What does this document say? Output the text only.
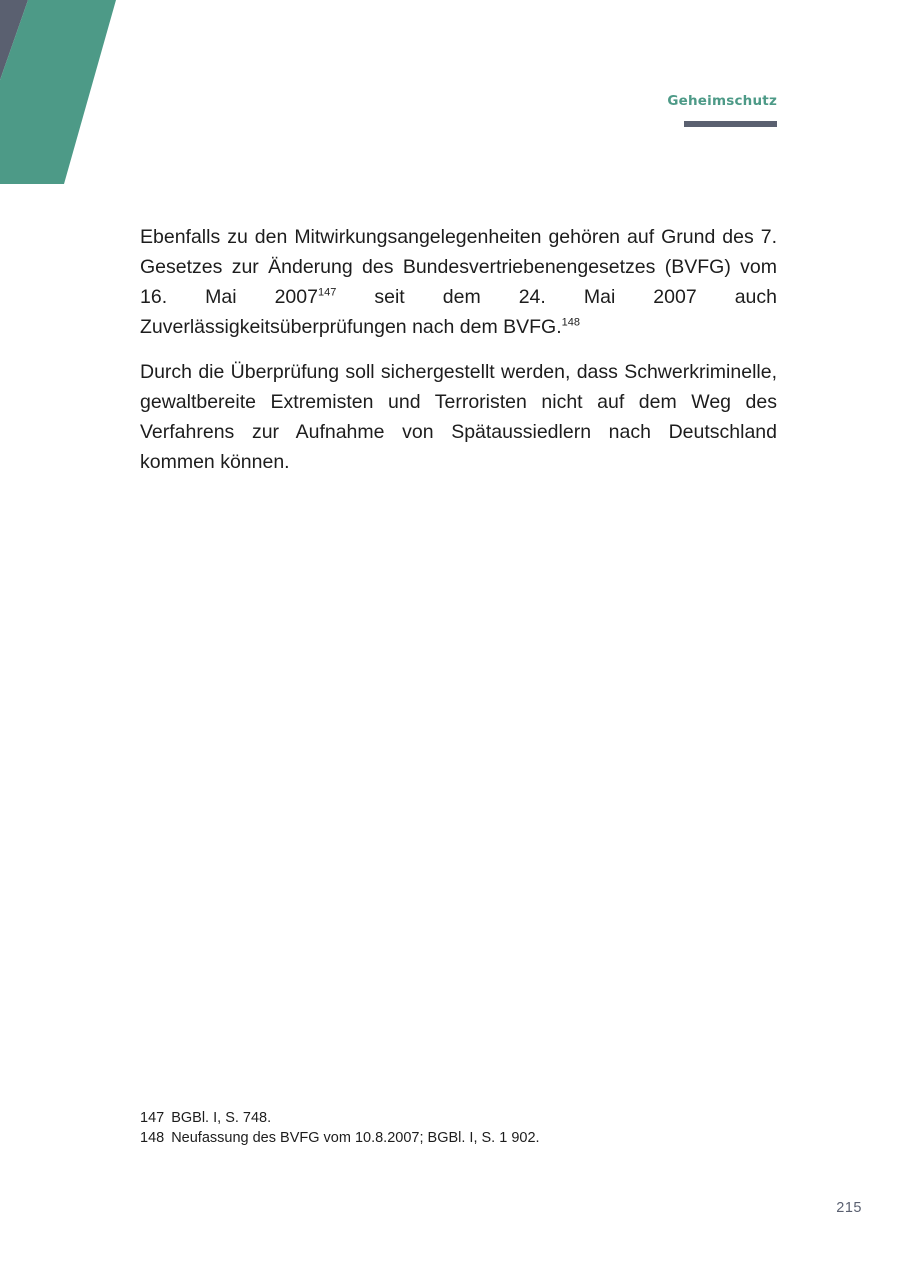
Geheimschutz

Ebenfalls zu den Mitwirkungsangelegenheiten gehören auf Grund des 7. Gesetzes zur Änderung des Bundesvertriebenengesetzes (BVFG) vom 16. Mai 2007$^{147}$ seit dem 24. Mai 2007 auch Zuverlässigkeitsüberprüfungen nach dem BVFG.$^{148}$

Durch die Überprüfung soll sichergestellt werden, dass Schwerkriminelle, gewaltbereite Extremisten und Terroristen nicht auf dem Weg des Verfahrens zur Aufnahme von Spätaussiedlern nach Deutschland kommen können.

147 BGBl. I, S. 748.
148 Neufassung des BVFG vom 10.8.2007; BGBl. I, S. 1 902.
215
